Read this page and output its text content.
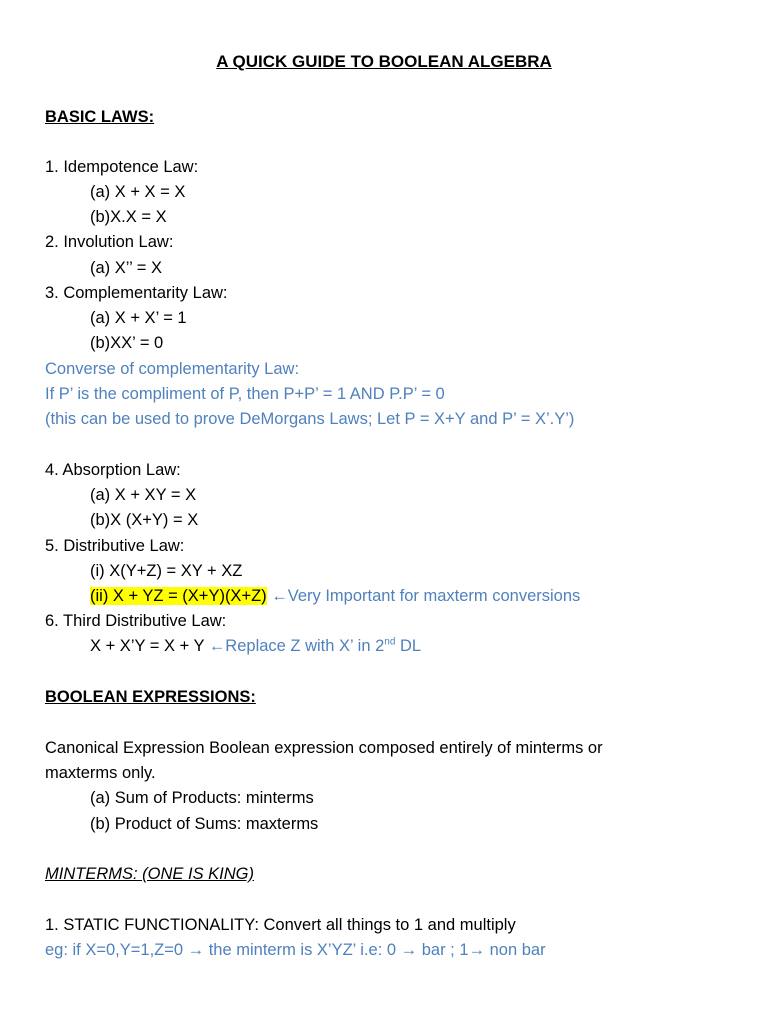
A QUICK GUIDE TO BOOLEAN ALGEBRA
BASIC LAWS:
1. Idempotence Law:
(a) X + X = X
(b)X.X = X
2. Involution Law:
(a) X’’ = X
3. Complementarity Law:
(a) X + X’ = 1
(b)XX’ = 0
Converse of complementarity Law:
If P’ is the compliment of P, then P+P’ = 1 AND P.P’ = 0
(this can be used to prove DeMorgans Laws; Let P = X+Y and P’ = X’.Y’)
4. Absorption Law:
(a) X + XY = X
(b)X (X+Y) = X
5. Distributive Law:
(i) X(Y+Z) = XY + XZ
(ii) X + YZ = (X+Y)(X+Z) ←Very Important for maxterm conversions
6. Third Distributive Law:
X + X’Y = X + Y ←Replace Z with X’ in 2nd DL
BOOLEAN EXPRESSIONS:
Canonical Expression Boolean expression composed entirely of minterms or
maxterms only.
(a) Sum of Products: minterms
(b) Product of Sums: maxterms
MINTERMS: (ONE IS KING)
1. STATIC FUNCTIONALITY: Convert all things to 1 and multiply
eg: if X=0,Y=1,Z=0 → the minterm is X’YZ’ i.e: 0 → bar ; 1→ non bar
